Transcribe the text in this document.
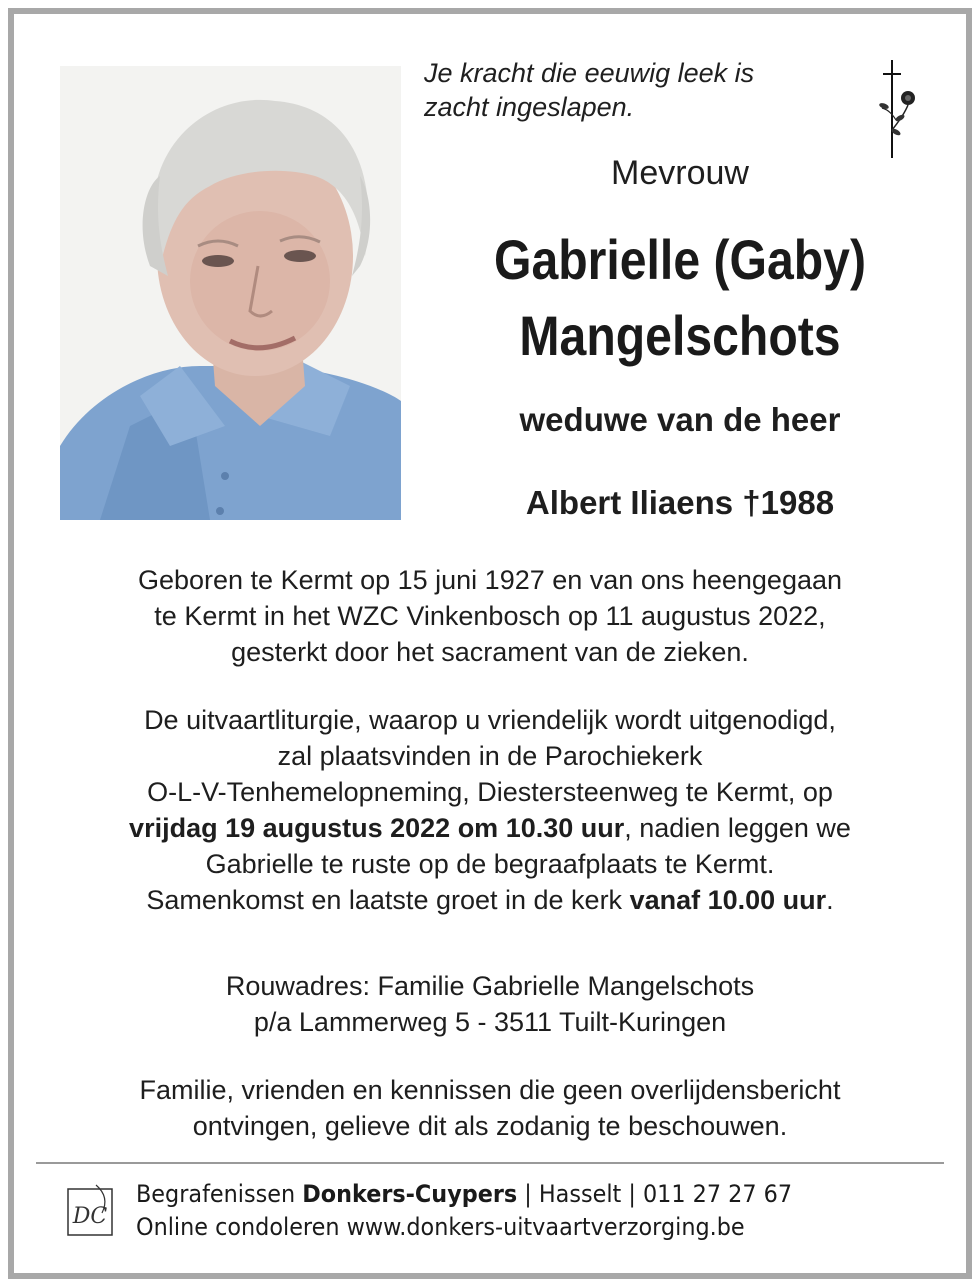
Je kracht die eeuwig leek is
zacht ingeslapen.

Mevrouw
Gabrielle (Gaby)
Mangelschots
weduwe van de heer
Albert Iliaens †1988

Geboren te Kermt op 15 juni 1927 en van ons heengegaan
te Kermt in het WZC Vinkenbosch op 11 augustus 2022,
gesterkt door het sacrament van de zieken.

De uitvaartliturgie, waarop u vriendelijk wordt uitgenodigd,
zal plaatsvinden in de Parochiekerk
O-L-V-Tenhemelopneming, Diestersteenweg te Kermt, op
vrijdag 19 augustus 2022 om 10.30 uur, nadien leggen we
Gabrielle te ruste op de begraafplaats te Kermt.
Samenkomst en laatste groet in de kerk vanaf 10.00 uur.

Rouwadres: Familie Gabrielle Mangelschots
p/a Lammerweg 5 - 3511 Tuilt-Kuringen

Familie, vrienden en kennissen die geen overlijdensbericht
ontvingen, gelieve dit als zodanig te beschouwen.

DC
Begrafenissen Donkers-Cuypers | Hasselt | 011 27 27 67
Online condoleren www.donkers-uitvaartverzorging.be
